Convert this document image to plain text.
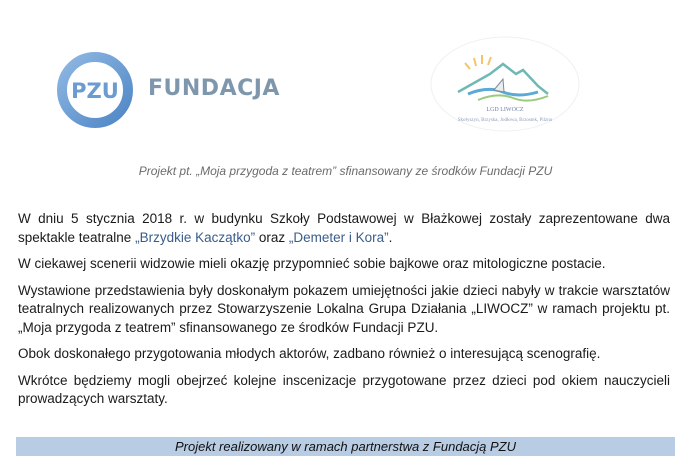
PZU FUNDACJA
LGD LIWOCZ
Skołyszyn, Brzyska, Jodłowa, Brzostek, Pilzno
Projekt pt. „Moja przygoda z teatrem” sfinansowany ze środków Fundacji PZU

W dniu 5 stycznia 2018 r. w budynku Szkoły Podstawowej w Błażkowej zostały zaprezentowane dwa spektakle teatralne „Brzydkie Kaczątko” oraz „Demeter i Kora”.

W ciekawej scenerii widzowie mieli okazję przypomnieć sobie bajkowe oraz mitologiczne postacie.

Wystawione przedstawienia były doskonałym pokazem umiejętności jakie dzieci nabyły w trakcie warsztatów teatralnych realizowanych przez Stowarzyszenie Lokalna Grupa Działania „LIWOCZ” w ramach projektu pt. „Moja przygoda z teatrem” sfinansowanego ze środków Fundacji PZU.

Obok doskonałego przygotowania młodych aktorów, zadbano również o interesującą scenografię.

Wkrótce będziemy mogli obejrzeć kolejne inscenizacje przygotowane przez dzieci pod okiem nauczycieli prowadzących warsztaty.

Projekt realizowany w ramach partnerstwa z Fundacją PZU
